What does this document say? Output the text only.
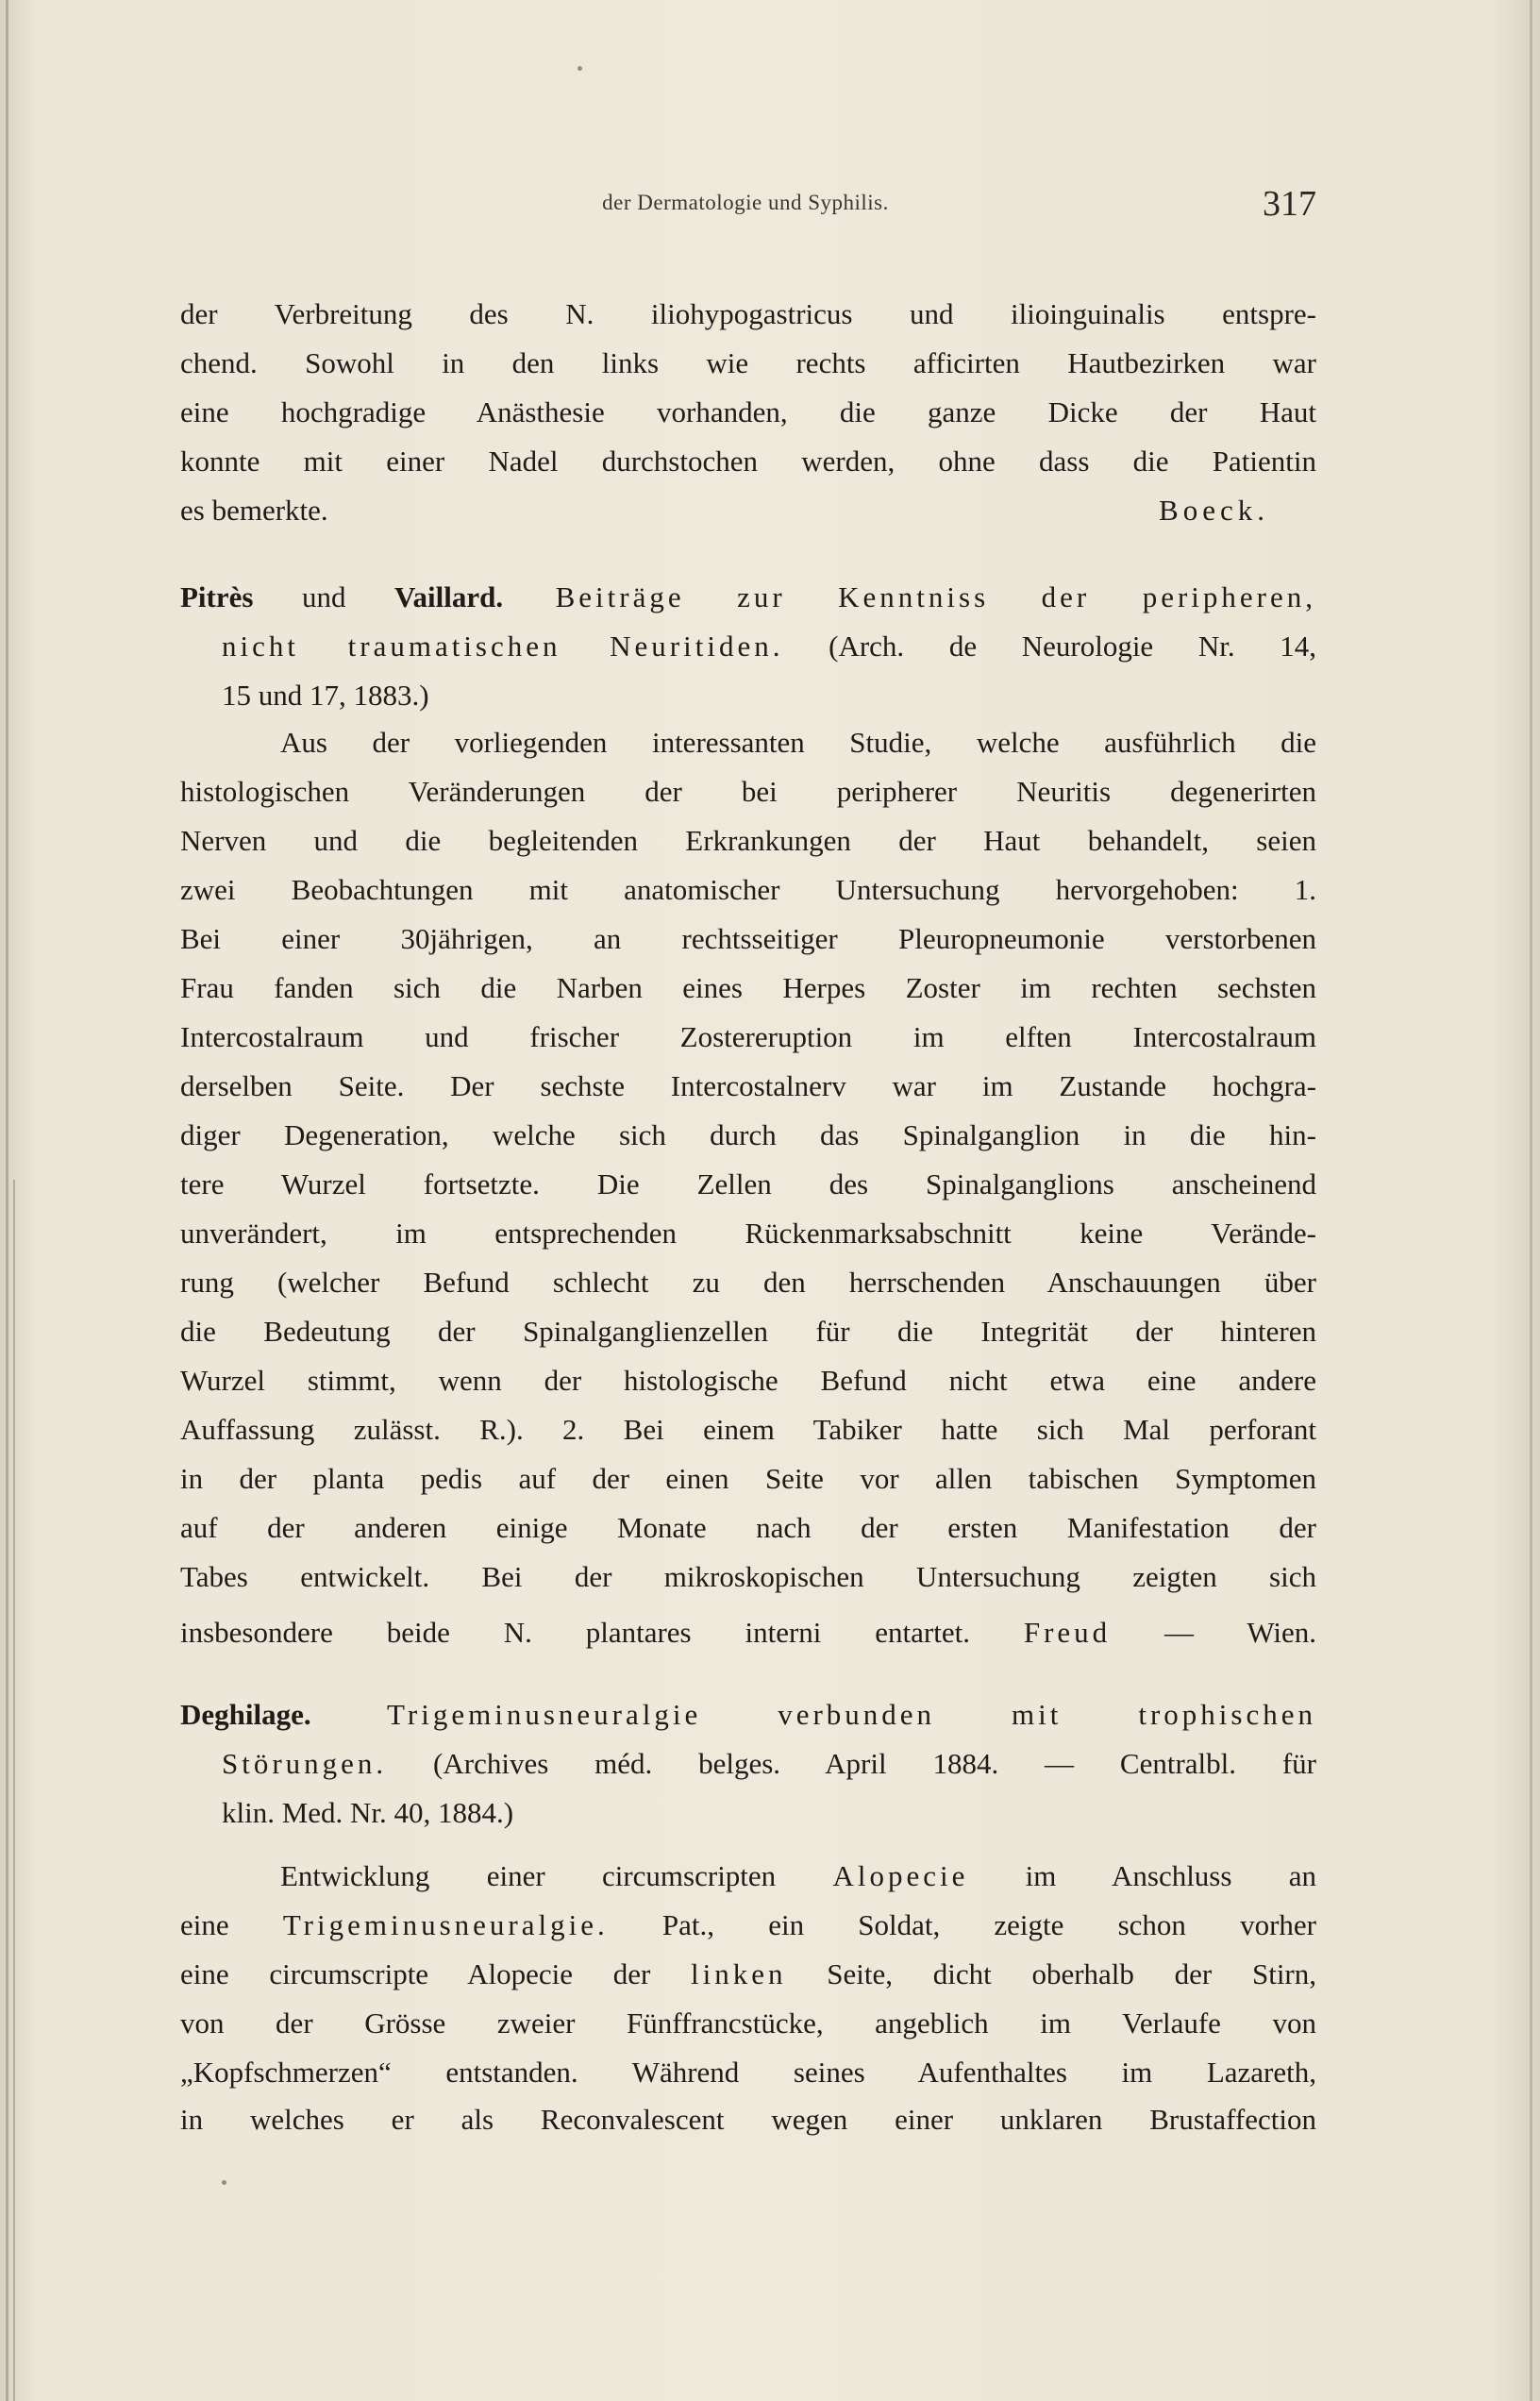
der Dermatologie und Syphilis.	317
der Verbreitung des N. iliohypogastricus und ilioinguinalis entspre-
chend. Sowohl in den links wie rechts afficirten Hautbezirken war
eine hochgradige Anästhesie vorhanden, die ganze Dicke der Haut
konnte mit einer Nadel durchstochen werden, ohne dass die Patientin
es bemerkte.	Boeck.
Pitrès und Vaillard. Beiträge zur Kenntniss der peripheren,
nicht traumatischen Neuritiden. (Arch. de Neurologie Nr. 14,
15 und 17, 1883.)
Aus der vorliegenden interessanten Studie, welche ausführlich die
histologischen Veränderungen der bei peripherer Neuritis degenerirten
Nerven und die begleitenden Erkrankungen der Haut behandelt, seien
zwei Beobachtungen mit anatomischer Untersuchung hervorgehoben: 1.
Bei einer 30jährigen, an rechtsseitiger Pleuropneumonie verstorbenen
Frau fanden sich die Narben eines Herpes Zoster im rechten sechsten
Intercostalraum und frischer Zostereruption im elften Intercostalraum
derselben Seite. Der sechste Intercostalnerv war im Zustande hochgra-
diger Degeneration, welche sich durch das Spinalganglion in die hin-
tere Wurzel fortsetzte. Die Zellen des Spinalganglions anscheinend
unverändert, im entsprechenden Rückenmarksabschnitt keine Verände-
rung (welcher Befund schlecht zu den herrschenden Anschauungen über
die Bedeutung der Spinalganglienzellen für die Integrität der hinteren
Wurzel stimmt, wenn der histologische Befund nicht etwa eine andere
Auffassung zulässt. R.). 2. Bei einem Tabiker hatte sich Mal perforant
in der planta pedis auf der einen Seite vor allen tabischen Symptomen
auf der anderen einige Monate nach der ersten Manifestation der
Tabes entwickelt. Bei der mikroskopischen Untersuchung zeigten sich
insbesondere beide N. plantares interni entartet. Freud — Wien.
Deghilage. Trigeminusneuralgie verbunden mit trophischen
Störungen. (Archives méd. belges. April 1884. — Centralbl. für
klin. Med. Nr. 40, 1884.)
Entwicklung einer circumscripten Alopecie im Anschluss an
eine Trigeminusneuralgie. Pat., ein Soldat, zeigte schon vorher
eine circumscripte Alopecie der linken Seite, dicht oberhalb der Stirn,
von der Grösse zweier Fünffrancstücke, angeblich im Verlaufe von
„Kopfschmerzen“ entstanden. Während seines Aufenthaltes im Lazareth,
in welches er als Reconvalescent wegen einer unklaren Brustaffection
